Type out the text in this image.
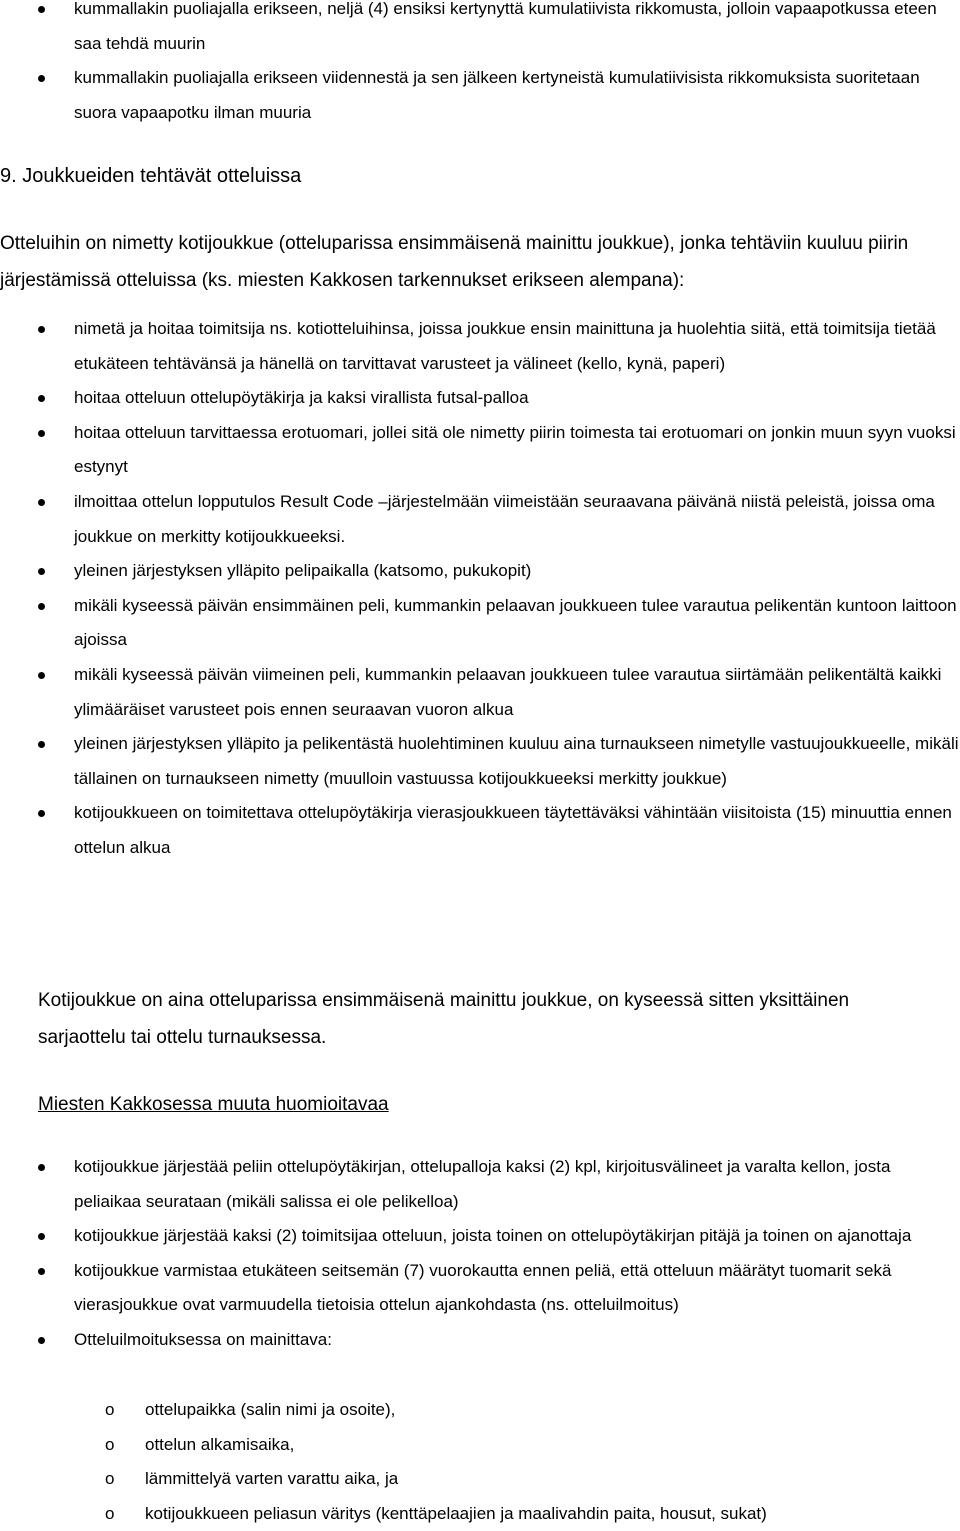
kummallakin puoliajalla erikseen, neljä (4) ensiksi kertynyttä kumulatiivista rikkomusta, jolloin vapaapotkussa eteen saa tehdä muurin
kummallakin puoliajalla erikseen viidennestä ja sen jälkeen kertyneistä kumulatiivisista rikkomuksista suoritetaan suora vapaapotku ilman muuria
9. Joukkueiden tehtävät otteluissa

Otteluihin on nimetty kotijoukkue (otteluparissa ensimmäisenä mainittu joukkue), jonka tehtäviin kuuluu piirin järjestämissä otteluissa (ks. miesten Kakkosen tarkennukset erikseen alempana):

nimetä ja hoitaa toimitsija ns. kotiotteluihinsa, joissa joukkue ensin mainittuna ja huolehtia siitä, että toimitsija tietää etukäteen tehtävänsä ja hänellä on tarvittavat varusteet ja välineet (kello, kynä, paperi)
hoitaa otteluun ottelupöytäkirja ja kaksi virallista futsal-palloa
hoitaa otteluun tarvittaessa erotuomari, jollei sitä ole nimetty piirin toimesta tai erotuomari on jonkin muun syyn vuoksi estynyt
ilmoittaa ottelun lopputulos Result Code –järjestelmään viimeistään seuraavana päivänä niistä peleistä, joissa oma joukkue on merkitty kotijoukkueeksi.
yleinen järjestyksen ylläpito pelipaikalla (katsomo, pukukopit)
mikäli kyseessä päivän ensimmäinen peli, kummankin pelaavan joukkueen tulee varautua pelikentän kuntoon laittoon ajoissa
mikäli kyseessä päivän viimeinen peli, kummankin pelaavan joukkueen tulee varautua siirtämään pelikentältä kaikki ylimääräiset varusteet pois ennen seuraavan vuoron alkua
yleinen järjestyksen ylläpito ja pelikentästä huolehtiminen kuuluu aina turnaukseen nimetylle vastuujoukkueelle, mikäli tällainen on turnaukseen nimetty (muulloin vastuussa kotijoukkueeksi merkitty joukkue)
kotijoukkueen on toimitettava ottelupöytäkirja vierasjoukkueen täytettäväksi vähintään viisitoista (15) minuuttia ennen ottelun alkua

Kotijoukkue on aina otteluparissa ensimmäisenä mainittu joukkue, on kyseessä sitten yksittäinen sarjaottelu tai ottelu turnauksessa.

Miesten Kakkosessa muuta huomioitavaa
kotijoukkue järjestää peliin ottelupöytäkirjan, ottelupalloja kaksi (2) kpl, kirjoitusvälineet ja varalta kellon, josta peliaikaa seurataan (mikäli salissa ei ole pelikelloa)
kotijoukkue järjestää kaksi (2) toimitsijaa otteluun, joista toinen on ottelupöytäkirjan pitäjä ja toinen on ajanottaja
kotijoukkue varmistaa etukäteen seitsemän (7) vuorokautta ennen peliä, että otteluun määrätyt tuomarit sekä vierasjoukkue ovat varmuudella tietoisia ottelun ajankohdasta (ns. otteluilmoitus)
Otteluilmoituksessa on mainittava:
o ottelupaikka (salin nimi ja osoite),
o ottelun alkamisaika,
o lämmittelyä varten varattu aika, ja
o kotijoukkueen peliasun väritys (kenttäpelaajien ja maalivahdin paita, housut, sukat)
